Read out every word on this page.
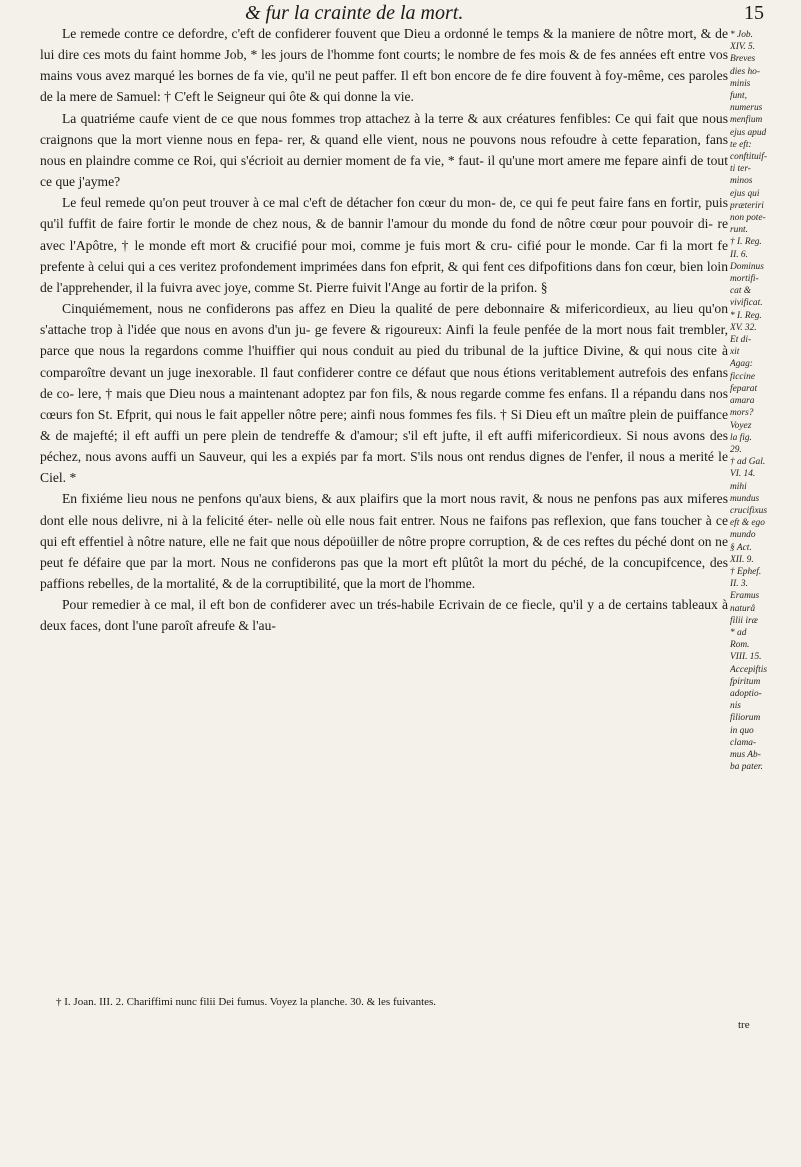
& fur la crainte de la mort.	15

Le remede contre ce defordre, c'eft de confiderer fouvent que Dieu a ordonné le temps & la maniere de nôtre mort, & de lui dire ces mots du faint homme Job, * les jours de l'homme font courts; le nombre de fes mois & de fes années eft entre vos mains vous avez marqué les bornes de fa vie, qu'il ne peut paffer. Il eft bon encore de fe dire fouvent à foy-même, ces paroles de la mere de Samuel: † C'eft le Seigneur qui ôte & qui donne la vie.

La quatriéme caufe vient de ce que nous fommes trop attachez à la terre & aux créatures fenfibles: Ce qui fait que nous craignons que la mort vienne nous en fepa- rer, & quand elle vient, nous ne pouvons nous refoudre à cette feparation, fans nous en plaindre comme ce Roi, qui s'écrioit au dernier moment de fa vie, * faut- il qu'une mort amere me fepare ainfi de tout ce que j'ayme?

Le feul remede qu'on peut trouver à ce mal c'eft de détacher fon cœur du mon- de, ce qui fe peut faire fans en fortir, puis qu'il fuffit de faire fortir le monde de chez nous, & de bannir l'amour du monde du fond de nôtre cœur pour pouvoir di- re avec l'Apôtre, † le monde eft mort & crucifié pour moi, comme je fuis mort & cru- cifié pour le monde. Car fi la mort fe prefente à celui qui a ces veritez profondement imprimées dans fon efprit, & qui fent ces difpofitions dans fon cœur, bien loin de l'apprehender, il la fuivra avec joye, comme St. Pierre fuivit l'Ange au fortir de la prifon. §

Cinquiémement, nous ne confiderons pas affez en Dieu la qualité de pere debonnaire & mifericordieux, au lieu qu'on s'attache trop à l'idée que nous en avons d'un ju- ge fevere & rigoureux: Ainfi la feule penfée de la mort nous fait trembler, parce que nous la regardons comme l'huiffier qui nous conduit au pied du tribunal de la juftice Divine, & qui nous cite à comparoître devant un juge inexorable. Il faut confiderer contre ce défaut que nous étions veritablement autrefois des enfans de co- lere, † mais que Dieu nous a maintenant adoptez par fon fils, & nous regarde comme fes enfans. Il a répandu dans nos cœurs fon St. Efprit, qui nous le fait appeller nôtre pere; ainfi nous fommes fes fils. † Si Dieu eft un maître plein de puiffance & de majefté; il eft auffi un pere plein de tendreffe & d'amour; s'il eft jufte, il eft auffi mifericordieux. Si nous avons des péchez, nous avons auffi un Sauveur, qui les a expiés par fa mort. S'ils nous ont rendus dignes de l'enfer, il nous a merité le Ciel. *

En fixiéme lieu nous ne penfons qu'aux biens, & aux plaifirs que la mort nous ravit, & nous ne penfons pas aux miferes dont elle nous delivre, ni à la felicité éter- nelle où elle nous fait entrer. Nous ne faifons pas reflexion, que fans toucher à ce qui eft effentiel à nôtre nature, elle ne fait que nous dépoüiller de nôtre propre corruption, & de ces reftes du péché dont on ne peut fe défaire que par la mort. Nous ne confiderons pas que la mort eft plûtôt la mort du péché, de la concupifcence, des paffions rebelles, de la mortalité, & de la corruptibilité, que la mort de l'homme.

Pour remedier à ce mal, il eft bon de confiderer avec un trés-habile Ecrivain de ce fiecle, qu'il y a de certains tableaux à deux faces, dont l'une paroît afreufe & l'au-

* Job.
XIV. 5.
Breves
dies ho-
minis
funt,
numerus
menfium
ejus apud
te eft:
conftituif-
ti ter-
minos
ejus qui
præteriri
non pote-
runt.
† I. Reg.
II. 6.
Dominus
mortifi-
cat &
vivificat.
* I. Reg.
XV. 32.
Et di-
xit
Agag:
ficcine
feparat
amara
mors?
Voyez
la fig.
29.
† ad Gal.
VI. 14.
mihi
mundus
crucifixus
eft & ego
mundo
§ Act.
XII. 9.
† Ephef.
II. 3.
Eramus
naturâ
filii iræ
* ad
Rom.
VIII. 15.
Accepiftis
fpiritum
adoptio-
nis
filiorum
in quo
clama-
mus Ab-
ba pater.
† I. Joan. III. 2. Chariffimi nunc filii Dei fumus. Voyez la planche. 30. & les fuivantes.
tre
